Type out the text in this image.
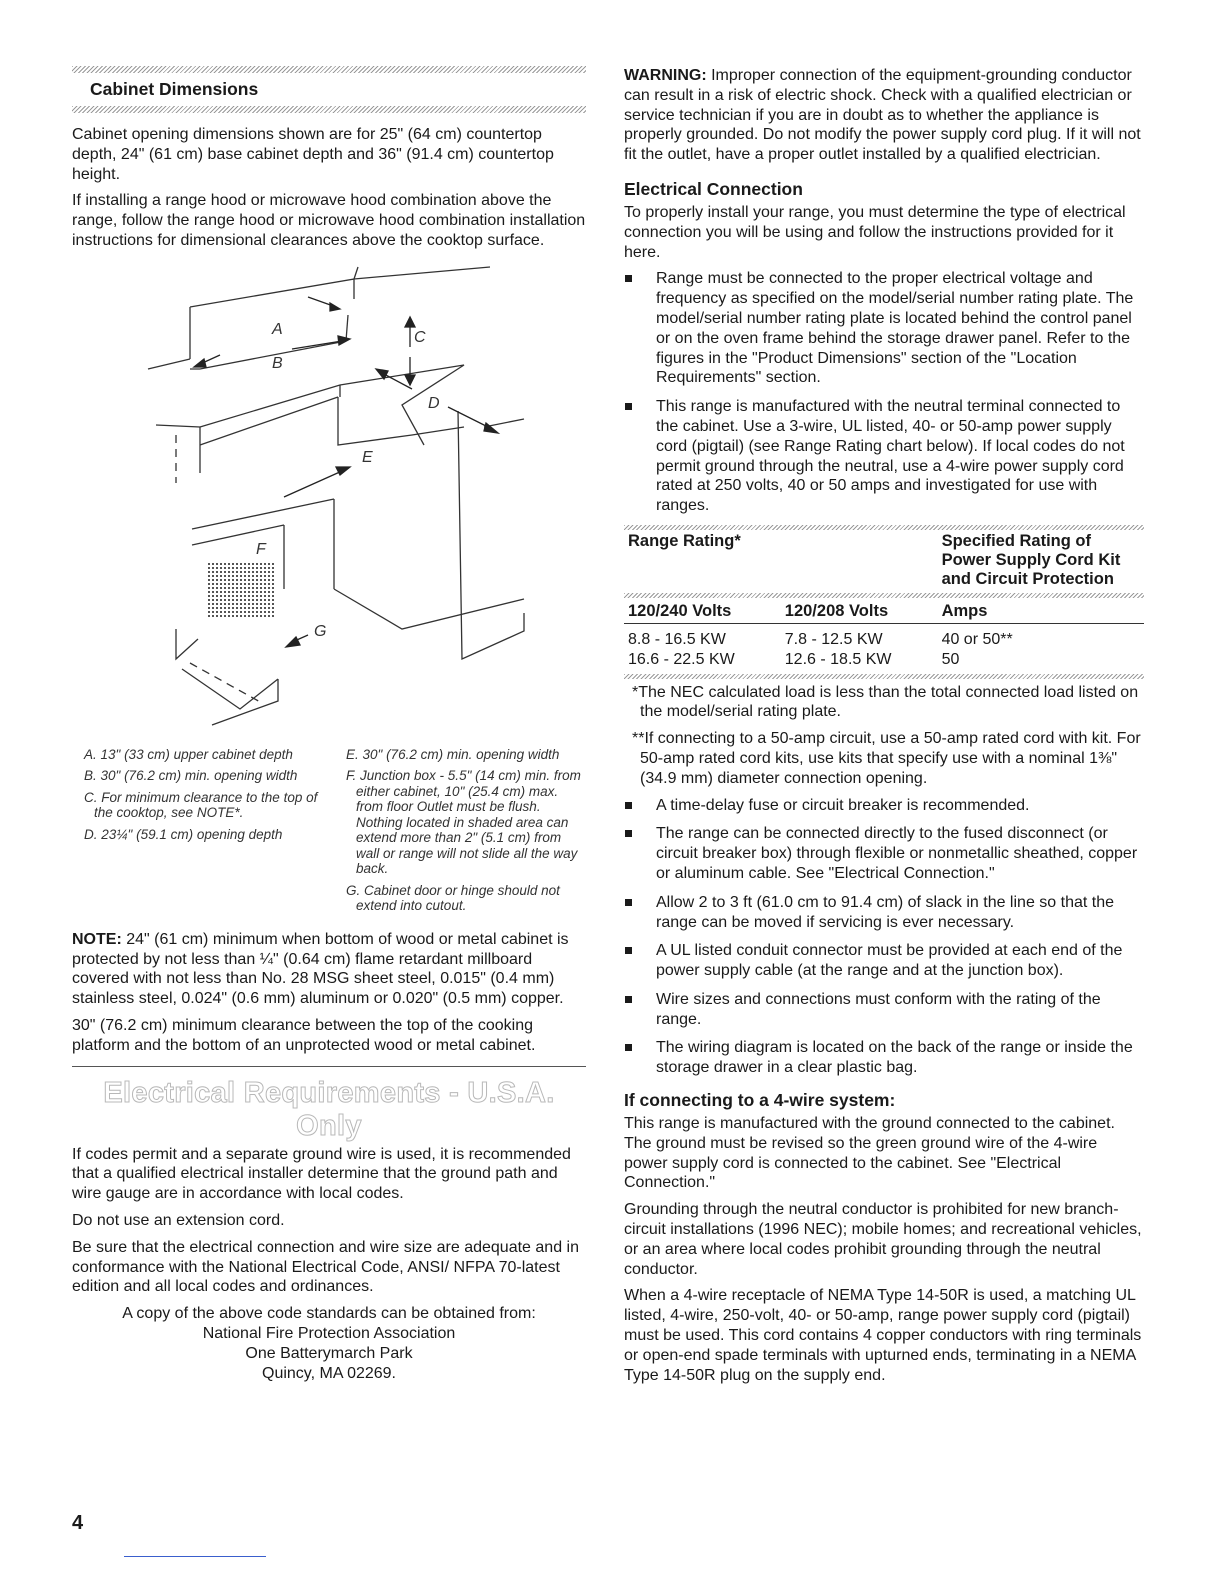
Cabinet Dimensions

Cabinet opening dimensions shown are for 25" (64 cm) countertop depth, 24" (61 cm) base cabinet depth and 36" (91.4 cm) countertop height.

If installing a range hood or microwave hood combination above the range, follow the range hood or microwave hood combination installation instructions for dimensional clearances above the cooktop surface.

A
B
C
D
E
F
G
A. 13" (33 cm) upper cabinet depth
B. 30" (76.2 cm) min. opening width
C. For minimum clearance to the top of the cooktop, see NOTE*.
D. 23¼" (59.1 cm) opening depth
E. 30" (76.2 cm) min. opening width
F. Junction box - 5.5" (14 cm) min. from either cabinet, 10" (25.4 cm) max. from floor Outlet must be flush. Nothing located in shaded area can extend more than 2" (5.1 cm) from wall or range will not slide all the way back.
G. Cabinet door or hinge should not extend into cutout.

NOTE: 24" (61 cm) minimum when bottom of wood or metal cabinet is protected by not less than ¼" (0.64 cm) flame retardant millboard covered with not less than No. 28 MSG sheet steel, 0.015" (0.4 mm) stainless steel, 0.024" (0.6 mm) aluminum or 0.020" (0.5 mm) copper.

30" (76.2 cm) minimum clearance between the top of the cooking platform and the bottom of an unprotected wood or metal cabinet.

Electrical Requirements - U.S.A. Only

If codes permit and a separate ground wire is used, it is recommended that a qualified electrical installer determine that the ground path and wire gauge are in accordance with local codes.

Do not use an extension cord.

Be sure that the electrical connection and wire size are adequate and in conformance with the National Electrical Code, ANSI/ NFPA 70-latest edition and all local codes and ordinances.

A copy of the above code standards can be obtained from:

National Fire Protection Association
One Batterymarch Park
Quincy, MA 02269.

WARNING: Improper connection of the equipment-grounding conductor can result in a risk of electric shock. Check with a qualified electrician or service technician if you are in doubt as to whether the appliance is properly grounded. Do not modify the power supply cord plug. If it will not fit the outlet, have a proper outlet installed by a qualified electrician.

Electrical Connection

To properly install your range, you must determine the type of electrical connection you will be using and follow the instructions provided for it here.

Range must be connected to the proper electrical voltage and frequency as specified on the model/serial number rating plate. The model/serial number rating plate is located behind the control panel or on the oven frame behind the storage drawer panel. Refer to the figures in the "Product Dimensions" section of the "Location Requirements" section.
This range is manufactured with the neutral terminal connected to the cabinet. Use a 3-wire, UL listed, 40- or 50-amp power supply cord (pigtail) (see Range Rating chart below). If local codes do not permit ground through the neutral, use a 4-wire power supply cord rated at 250 volts, 40 or 50 amps and investigated for use with ranges.
Range Rating*		Specified Rating of Power Supply Cord Kit and Circuit Protection

120/240 Volts	120/208 Volts	Amps

8.8 - 16.5 KW	7.8 - 12.5 KW	40 or 50**
16.6 - 22.5 KW	12.6 - 18.5 KW	50
*The NEC calculated load is less than the total connected load listed on the model/serial rating plate.
**If connecting to a 50-amp circuit, use a 50-amp rated cord with kit. For 50-amp rated cord kits, use kits that specify use with a nominal 1⅜" (34.9 mm) diameter connection opening.
A time-delay fuse or circuit breaker is recommended.
The range can be connected directly to the fused disconnect (or circuit breaker box) through flexible or nonmetallic sheathed, copper or aluminum cable. See "Electrical Connection."
Allow 2 to 3 ft (61.0 cm to 91.4 cm) of slack in the line so that the range can be moved if servicing is ever necessary.
A UL listed conduit connector must be provided at each end of the power supply cable (at the range and at the junction box).
Wire sizes and connections must conform with the rating of the range.
The wiring diagram is located on the back of the range or inside the storage drawer in a clear plastic bag.
If connecting to a 4-wire system:

This range is manufactured with the ground connected to the cabinet. The ground must be revised so the green ground wire of the 4-wire power supply cord is connected to the cabinet. See "Electrical Connection."

Grounding through the neutral conductor is prohibited for new branch-circuit installations (1996 NEC); mobile homes; and recreational vehicles, or an area where local codes prohibit grounding through the neutral conductor.

When a 4-wire receptacle of NEMA Type 14-50R is used, a matching UL listed, 4-wire, 250-volt, 40- or 50-amp, range power supply cord (pigtail) must be used. This cord contains 4 copper conductors with ring terminals or open-end spade terminals with upturned ends, terminating in a NEMA Type 14-50R plug on the supply end.

4
